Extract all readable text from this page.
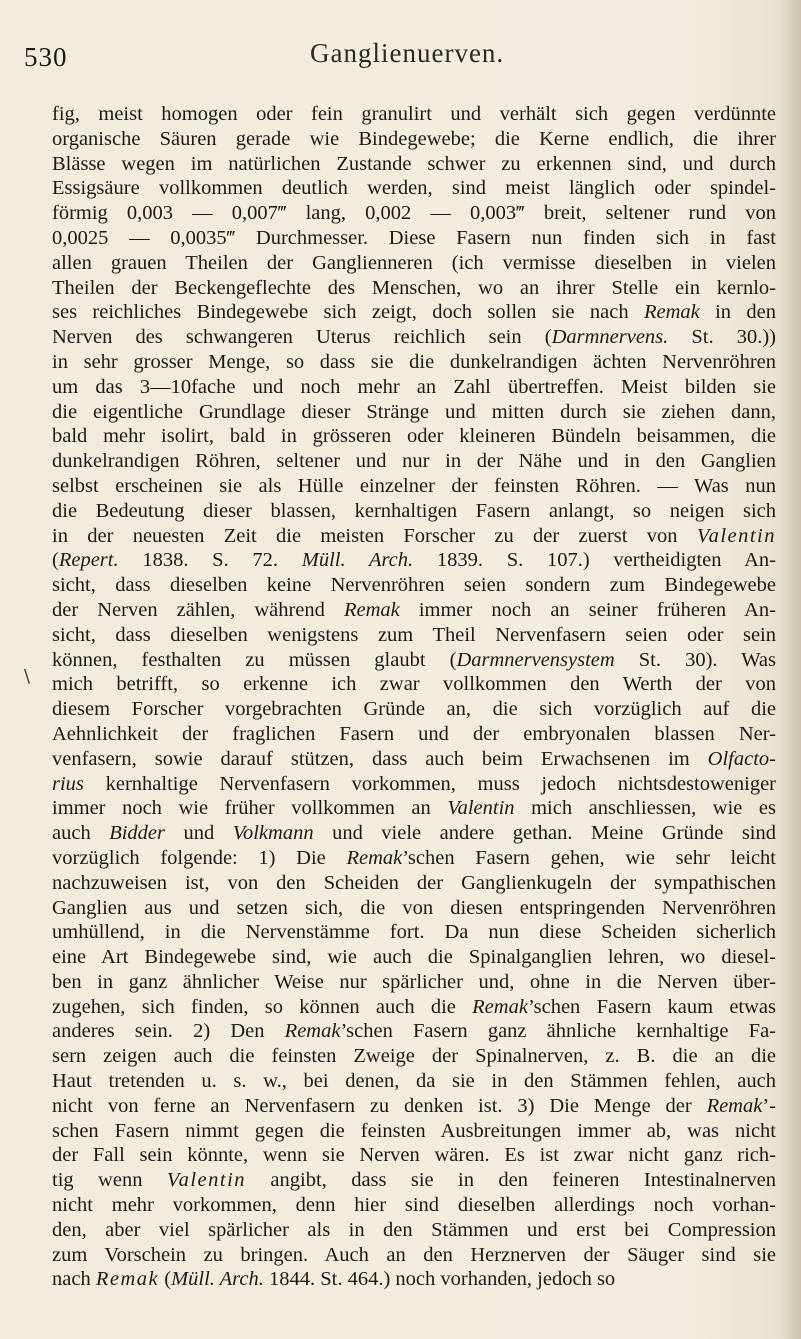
530	Ganglienuerven.
\
fig, meist homogen oder fein granulirt und verhält sich gegen verdünnte
organische Säuren gerade wie Bindegewebe; die Kerne endlich, die ihrer
Blässe wegen im natürlichen Zustande schwer zu erkennen sind, und durch
Essigsäure vollkommen deutlich werden, sind meist länglich oder spindel-
förmig 0,003 — 0,007‴ lang, 0,002 — 0,003‴ breit, seltener rund von
0,0025 — 0,0035‴ Durchmesser. Diese Fasern nun finden sich in fast
allen grauen Theilen der Ganglienneren (ich vermisse dieselben in vielen
Theilen der Beckengeflechte des Menschen, wo an ihrer Stelle ein kernlo-
ses reichliches Bindegewebe sich zeigt, doch sollen sie nach Remak in den
Nerven des schwangeren Uterus reichlich sein (Darmnervens. St. 30.))
in sehr grosser Menge, so dass sie die dunkelrandigen ächten Nervenröhren
um das 3—10fache und noch mehr an Zahl übertreffen. Meist bilden sie
die eigentliche Grundlage dieser Stränge und mitten durch sie ziehen dann,
bald mehr isolirt, bald in grösseren oder kleineren Bündeln beisammen, die
dunkelrandigen Röhren, seltener und nur in der Nähe und in den Ganglien
selbst erscheinen sie als Hülle einzelner der feinsten Röhren. — Was nun
die Bedeutung dieser blassen, kernhaltigen Fasern anlangt, so neigen sich
in der neuesten Zeit die meisten Forscher zu der zuerst von Valentin
(Repert. 1838. S. 72. Müll. Arch. 1839. S. 107.) vertheidigten An-
sicht, dass dieselben keine Nervenröhren seien sondern zum Bindegewebe
der Nerven zählen, während Remak immer noch an seiner früheren An-
sicht, dass dieselben wenigstens zum Theil Nervenfasern seien oder sein
können, festhalten zu müssen glaubt (Darmnervensystem St. 30). Was
mich betrifft, so erkenne ich zwar vollkommen den Werth der von
diesem Forscher vorgebrachten Gründe an, die sich vorzüglich auf die
Aehnlichkeit der fraglichen Fasern und der embryonalen blassen Ner-
venfasern, sowie darauf stützen, dass auch beim Erwachsenen im Olfacto-
rius kernhaltige Nervenfasern vorkommen, muss jedoch nichtsdestoweniger
immer noch wie früher vollkommen an Valentin mich anschliessen, wie es
auch Bidder und Volkmann und viele andere gethan. Meine Gründe sind
vorzüglich folgende: 1) Die Remak’schen Fasern gehen, wie sehr leicht
nachzuweisen ist, von den Scheiden der Ganglienkugeln der sympathischen
Ganglien aus und setzen sich, die von diesen entspringenden Nervenröhren
umhüllend, in die Nervenstämme fort. Da nun diese Scheiden sicherlich
eine Art Bindegewebe sind, wie auch die Spinalganglien lehren, wo diesel-
ben in ganz ähnlicher Weise nur spärlicher und, ohne in die Nerven über-
zugehen, sich finden, so können auch die Remak’schen Fasern kaum etwas
anderes sein. 2) Den Remak’schen Fasern ganz ähnliche kernhaltige Fa-
sern zeigen auch die feinsten Zweige der Spinalnerven, z. B. die an die
Haut tretenden u. s. w., bei denen, da sie in den Stämmen fehlen, auch
nicht von ferne an Nervenfasern zu denken ist. 3) Die Menge der Remak’-
schen Fasern nimmt gegen die feinsten Ausbreitungen immer ab, was nicht
der Fall sein könnte, wenn sie Nerven wären. Es ist zwar nicht ganz rich-
tig wenn Valentin angibt, dass sie in den feineren Intestinalnerven
nicht mehr vorkommen, denn hier sind dieselben allerdings noch vorhan-
den, aber viel spärlicher als in den Stämmen und erst bei Compression
zum Vorschein zu bringen. Auch an den Herznerven der Säuger sind sie
nach Remak (Müll. Arch. 1844. St. 464.) noch vorhanden, jedoch so
